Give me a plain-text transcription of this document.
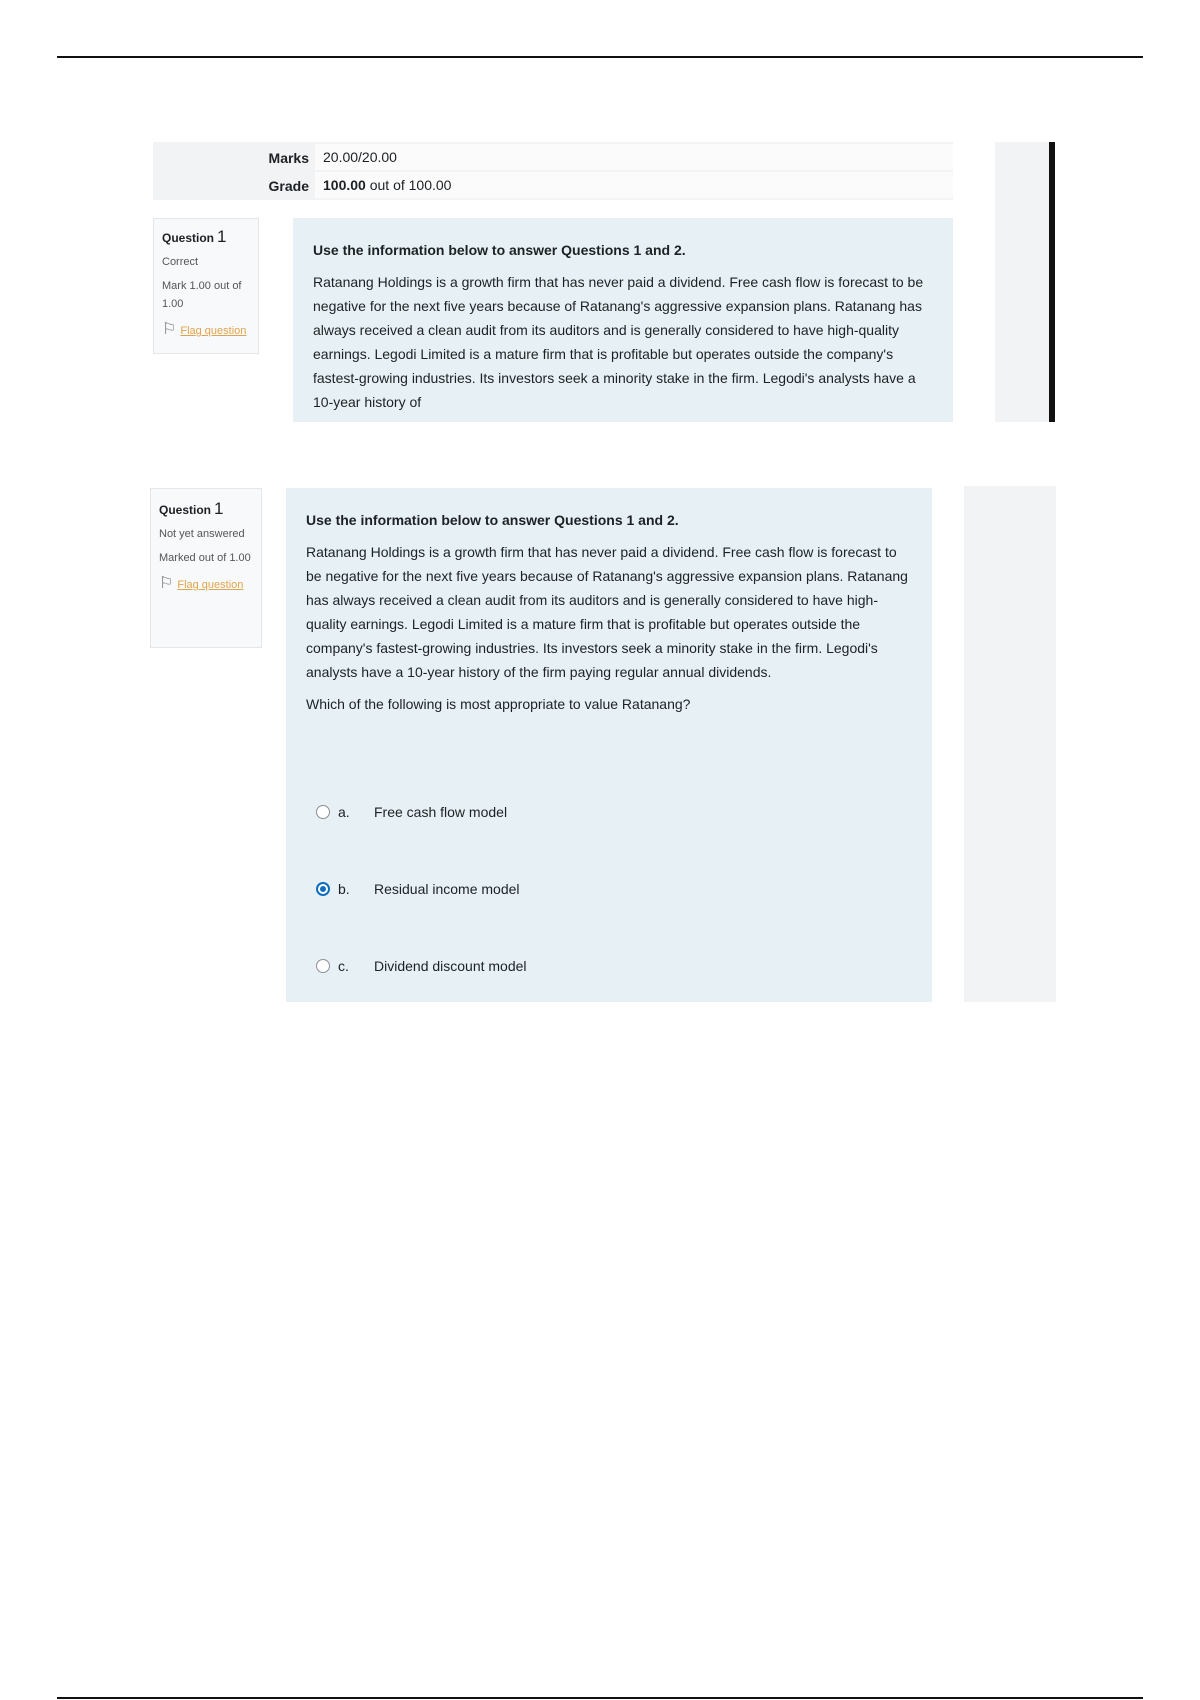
Marks	20.00/20.00
Grade	100.00 out of 100.00
Question 1
Correct
Mark 1.00 out of 1.00
⚐ Flag question

Use the information below to answer Questions 1 and 2.

Ratanang Holdings is a growth firm that has never paid a dividend. Free cash flow is forecast to be negative for the next five years because of Ratanang's aggressive expansion plans. Ratanang has always received a clean audit from its auditors and is generally considered to have high-quality earnings. Legodi Limited is a mature firm that is profitable but operates outside the company's fastest-growing industries. Its investors seek a minority stake in the firm. Legodi's analysts have a 10-year history of

Question 1
Not yet answered
Marked out of 1.00
⚐ Flag question

Use the information below to answer Questions 1 and 2.

Ratanang Holdings is a growth firm that has never paid a dividend. Free cash flow is forecast to be negative for the next five years because of Ratanang's aggressive expansion plans. Ratanang has always received a clean audit from its auditors and is generally considered to have high-quality earnings. Legodi Limited is a mature firm that is profitable but operates outside the company's fastest-growing industries. Its investors seek a minority stake in the firm. Legodi's analysts have a 10-year history of the firm paying regular annual dividends.

Which of the following is most appropriate to value Ratanang?

a.	Free cash flow model
b.	Residual income model
c.	Dividend discount model
